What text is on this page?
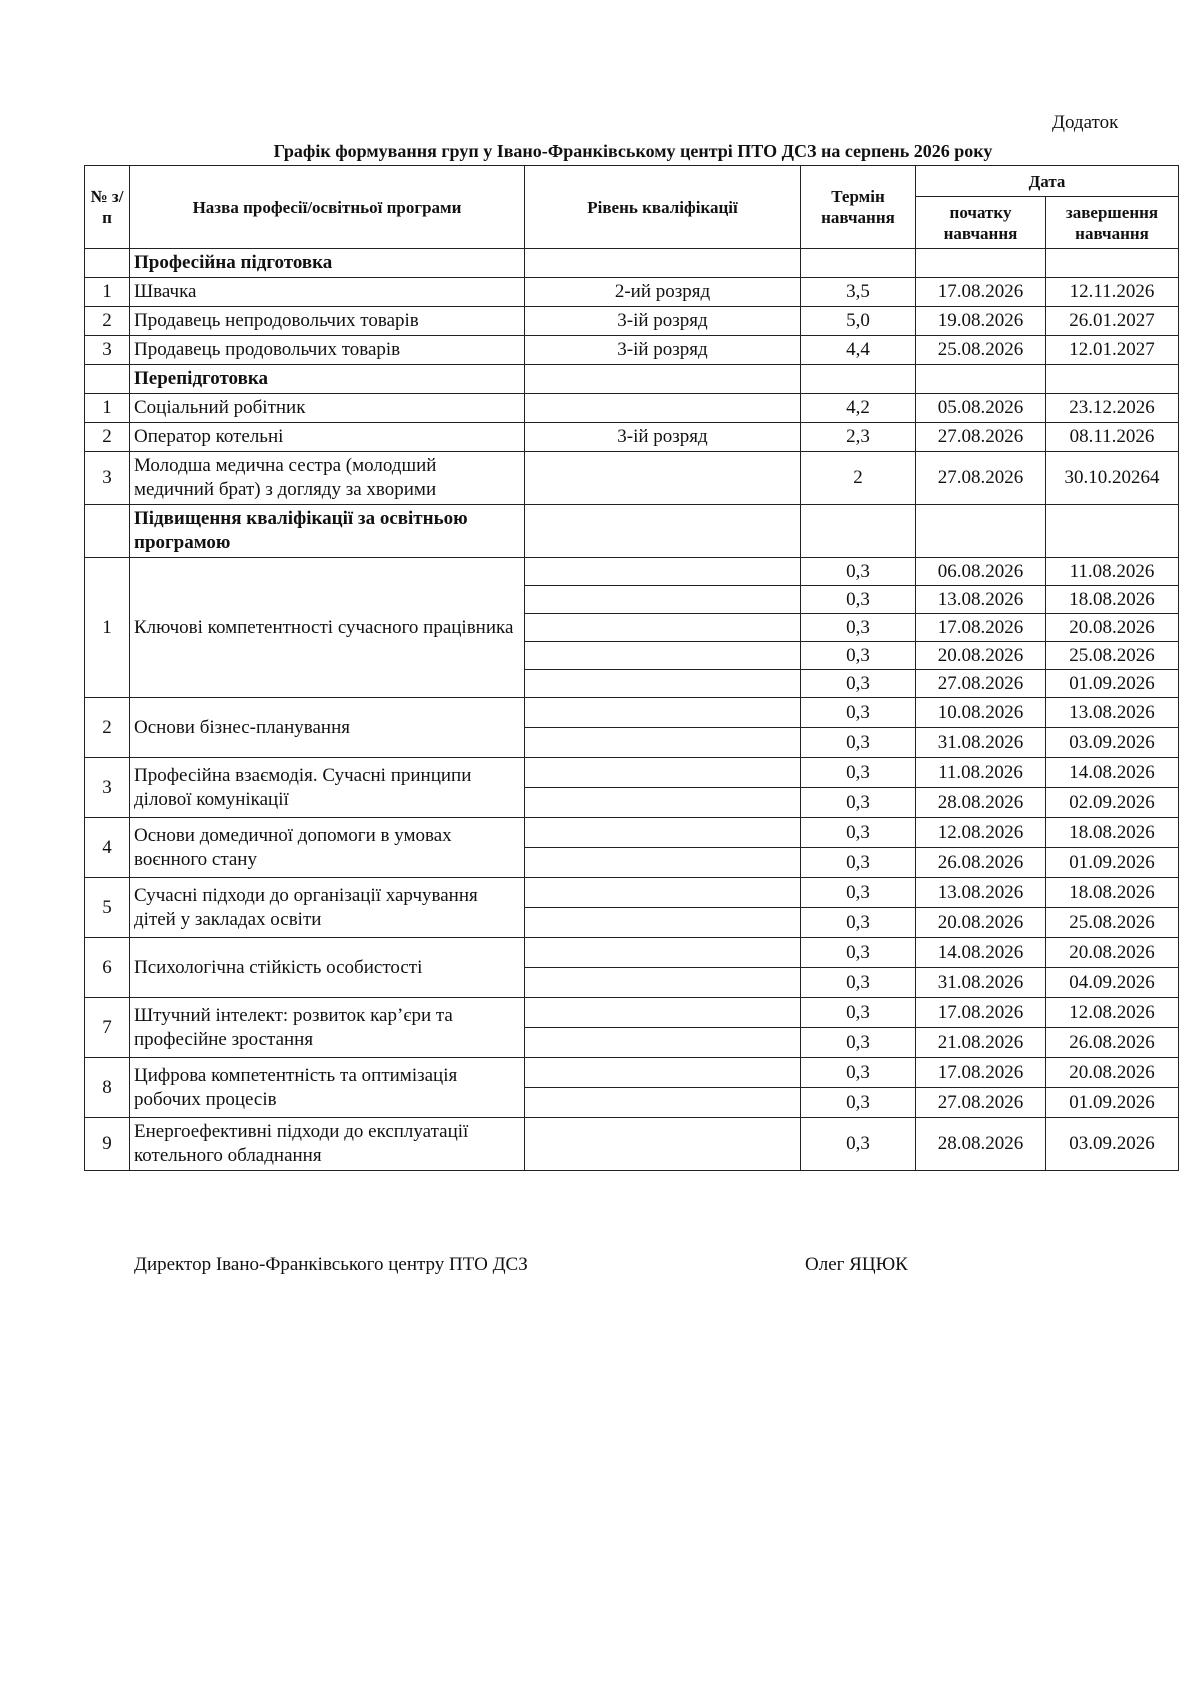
Додаток
Графік формування груп у Івано-Франківському центрі ПТО ДСЗ на серпень 2026 року
№ з/п	Назва професії/освітньої програми	Рівень кваліфікації	Термін навчання	Дата	
				початку навчання	завершення навчання
	Професійна підготовка				
1	Швачка	2-ий розряд	3,5	17.08.2026	12.11.2026
2	Продавець непродовольчих товарів	3-ій розряд	5,0	19.08.2026	26.01.2027
3	Продавець продовольчих товарів	3-ій розряд	4,4	25.08.2026	12.01.2027
	Перепідготовка				
1	Соціальний робітник		4,2	05.08.2026	23.12.2026
2	Оператор котельні	3-ій розряд	2,3	27.08.2026	08.11.2026
3	Молодша медична сестра (молодший медичний брат) з догляду за хворими		2	27.08.2026	30.10.20264
	Підвищення кваліфікації за освітньою програмою				
1	Ключові компетентності сучасного працівника		0,3	06.08.2026	11.08.2026
			0,3	13.08.2026	18.08.2026
			0,3	17.08.2026	20.08.2026
			0,3	20.08.2026	25.08.2026
			0,3	27.08.2026	01.09.2026
2	Основи бізнес-планування		0,3	10.08.2026	13.08.2026
			0,3	31.08.2026	03.09.2026
3	Професійна взаємодія. Сучасні принципи ділової комунікації		0,3	11.08.2026	14.08.2026
			0,3	28.08.2026	02.09.2026
4	Основи домедичної допомоги в умовах воєнного стану		0,3	12.08.2026	18.08.2026
			0,3	26.08.2026	01.09.2026
5	Сучасні підходи до організації харчування дітей у закладах освіти		0,3	13.08.2026	18.08.2026
			0,3	20.08.2026	25.08.2026
6	Психологічна стійкість особистості		0,3	14.08.2026	20.08.2026
			0,3	31.08.2026	04.09.2026
7	Штучний інтелект: розвиток кар’єри та професійне зростання		0,3	17.08.2026	12.08.2026
			0,3	21.08.2026	26.08.2026
8	Цифрова компетентність та оптимізація робочих процесів		0,3	17.08.2026	20.08.2026
			0,3	27.08.2026	01.09.2026
9	Енергоефективні підходи до експлуатації котельного обладнання		0,3	28.08.2026	03.09.2026
Директор Івано-Франківського центру ПТО ДСЗ	Олег ЯЦЮК
